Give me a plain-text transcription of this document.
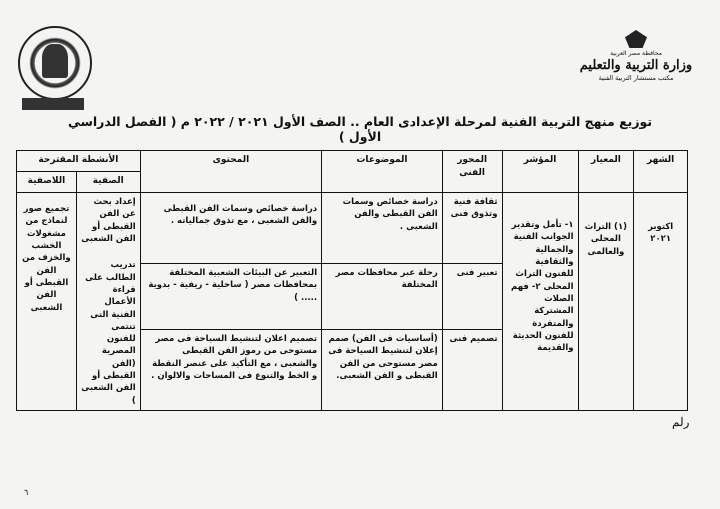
محافظة مصر العربية
وزارة التربية والتعليم
مكتب مستشار التربية الفنية
توزيع منهج التربية الفنية لمرحلة الإعدادى العام .. الصف الأول ٢٠٢١ / ٢٠٢٢ م ( الفصل الدراسي الأول )
الشهر	المعيار	المؤشر	المحور الفنى	الموضوعات	المحتوى	الأنشطة المقترحة	
						الصفية	اللاصفية
اكتوبر ٢٠٢١	(١) التراث المحلى والعالمى	١- تأمل وتقدير الجوانب الفنية والجمالية والثقافية للفنون التراث المحلى ٢- فهم الصلات المشتركة والمتفردة للفنون الحديثة والقديمة	ثقافة فنية وتذوق فنى	دراسة خصائص وسمات الفن القبطى والفن الشعبى .	دراسة خصائص وسمات الفن القبطى والفن الشعبى ، مع تذوق جمالياته .	إعداد بحث عن الفن القبطى أو الفن الشعبى
تدريب الطالب على قراءة الأعمال الفنية التى تنتمى للفنون المصرية (الفن القبطى أو الفن الشعبى )	تجميع صور لنماذج من مشغولات الخشب والخزف من الفن القبطى أو الفن الشعبى
			تعبير فنى	رحلة عبر محافظات مصر المختلفة	التعبير عن البيئات الشعبية المختلفة بمحافظات مصر ( ساحلية - ريفية - بدوية ..... )		
			تصميم فنى	(أساسيات فى الفن) صمم إعلان لتنشيط السياحة فى مصر مستوحى من الفن القبطى و الفن الشعبى.	تصميم اعلان لتنشيط السياحة فى مصر مستوحى من رموز الفن القبطى والشعبى ، مع التأكيد على عنصر النقطة و الخط والتنوع فى المساحات والالوان .		
رلم
٦
